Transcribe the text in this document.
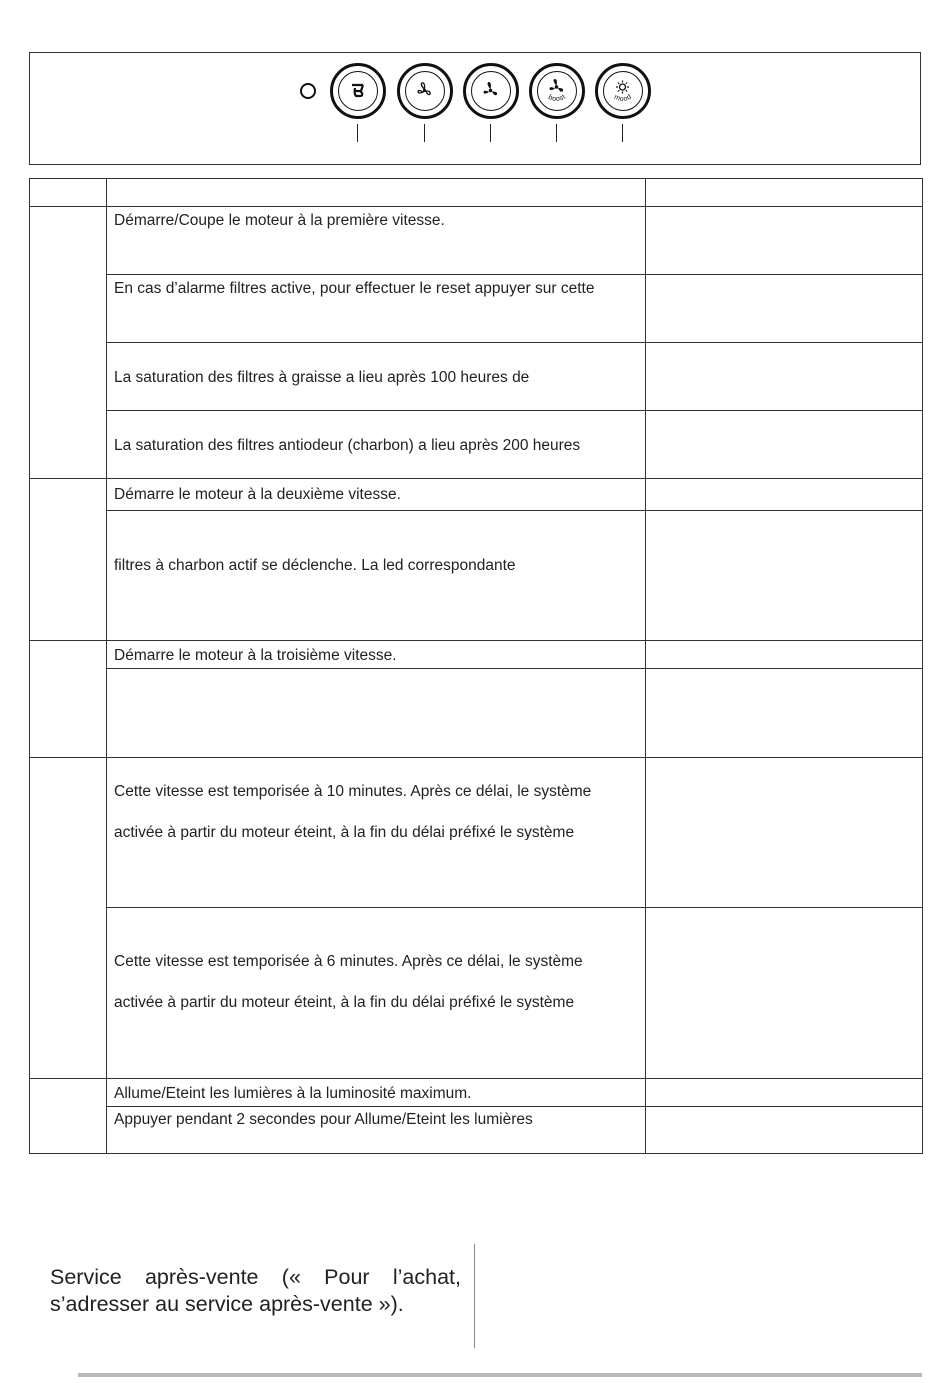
boost	mood

	Démarre/Coupe le moteur à la première vitesse.	

	En cas d’alarme filtres active, pour effectuer le reset appuyer sur cette	

	La saturation des filtres à graisse a lieu après 100 heures de	

	La saturation des filtres antiodeur (charbon) a lieu après 200 heures	

	Démarre le moteur à la deuxième vitesse.	

	filtres à charbon actif se déclenche. La led correspondante	

	Démarre le moteur à la troisième vitesse.	

	Cette vitesse est temporisée à 10 minutes. Après ce délai, le système
activée à partir du moteur éteint, à la fin du délai préfixé le système	

	Cette vitesse est temporisée à 6 minutes. Après ce délai, le système
activée à partir du moteur éteint, à la fin du délai préfixé le système	

	Allume/Éteint les lumières à la luminosité maximum.	

	Appuyer pendant 2 secondes pour Allume/Éteint les lumières	

Service après-vente (« Pour l’achat, s’adresser au service après-vente »).
